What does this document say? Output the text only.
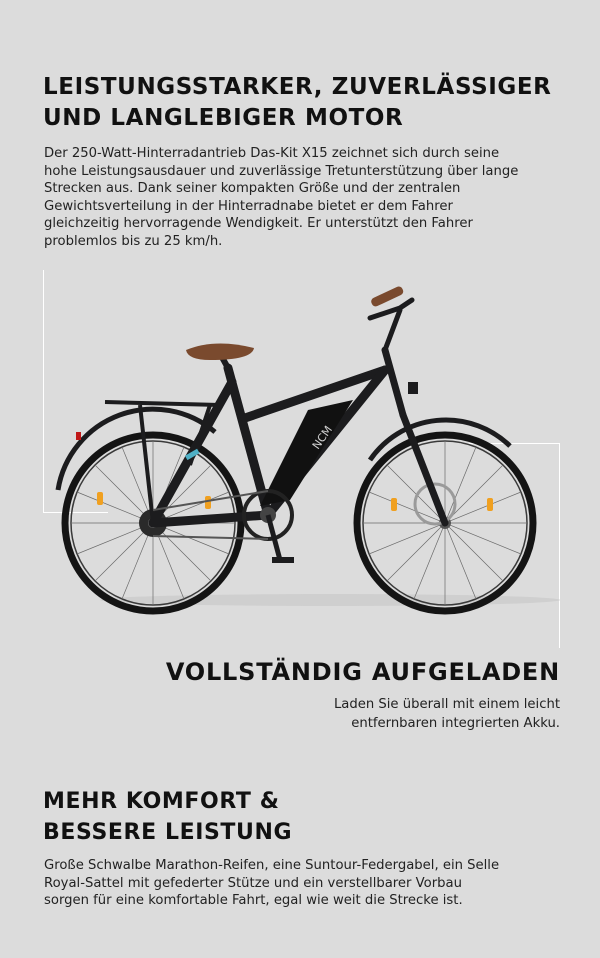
LEISTUNGSSTARKER, ZUVERLÄSSIGER
UND LANGLEBIGER MOTOR

Der 250-Watt-Hinterradantrieb Das-Kit X15 zeichnet sich durch seine
hohe Leistungsausdauer und zuverlässige Tretunterstützung über lange
Strecken aus. Dank seiner kompakten Größe und der zentralen
Gewichtsverteilung in der Hinterradnabe bietet er dem Fahrer
gleichzeitig hervorragende Wendigkeit. Er unterstützt den Fahrer
problemlos bis zu 25 km/h.

NCM
VOLLSTÄNDIG AUFGELADEN

Laden Sie überall mit einem leicht
entfernbaren integrierten Akku.

MEHR KOMFORT &
BESSERE LEISTUNG

Große Schwalbe Marathon-Reifen, eine Suntour-Federgabel, ein Selle
Royal-Sattel mit gefederter Stütze und ein verstellbarer Vorbau
sorgen für eine komfortable Fahrt, egal wie weit die Strecke ist.
